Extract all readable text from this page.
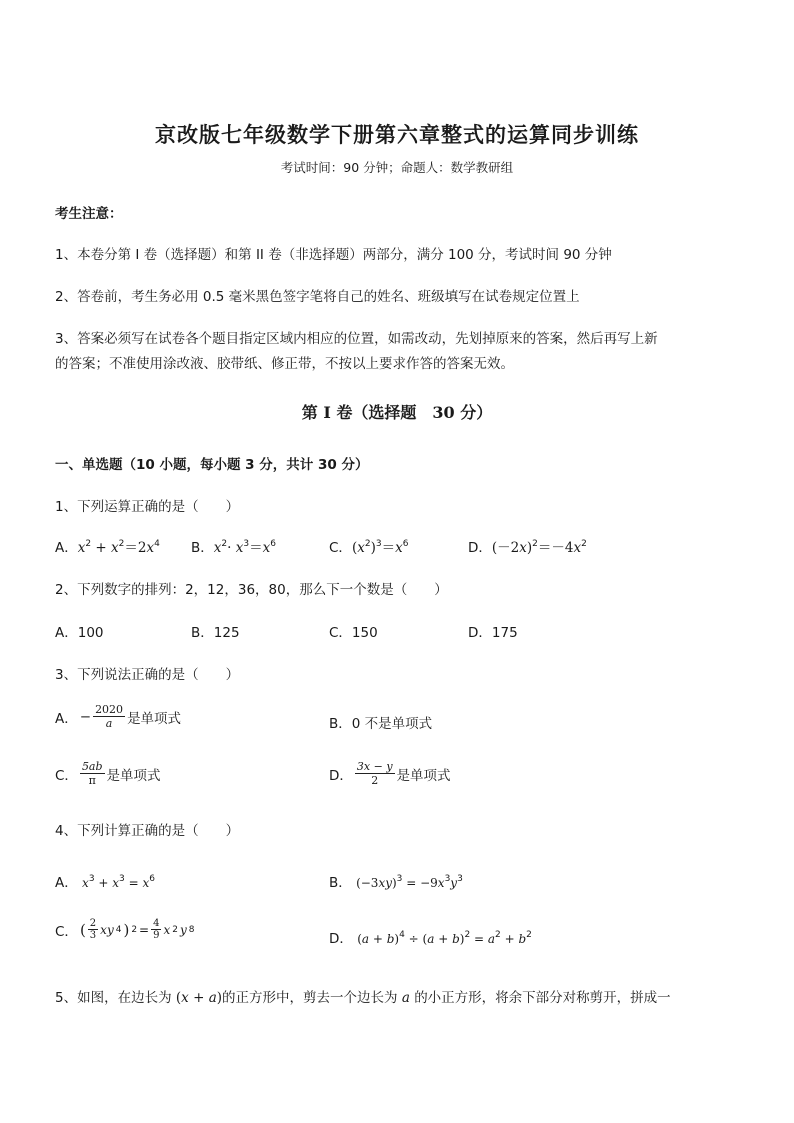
京改版七年级数学下册第六章整式的运算同步训练
考试时间：90 分钟；命题人：数学教研组
考生注意：
1、本卷分第 I 卷（选择题）和第 II 卷（非选择题）两部分，满分 100 分，考试时间 90 分钟
2、答卷前，考生务必用 0.5 毫米黑色签字笔将自己的姓名、班级填写在试卷规定位置上
3、答案必须写在试卷各个题目指定区域内相应的位置，如需改动，先划掉原来的答案，然后再写上新
的答案；不准使用涂改液、胶带纸、修正带，不按以上要求作答的答案无效。
第 I 卷（选择题　30 分）
一、单选题（10 小题，每小题 3 分，共计 30 分）
1、下列运算正确的是（　　）
A．$x^2 + x^2=2x^4$ B．$x^2\cdot x^3=x^6$	C．$(x^2)^3=x^6$	D．$(-2x)^2=-4x^2$
2、下列数字的排列：2，12，36，80，那么下一个数是（　　）
A．100	B．125	C．150	D．175
3、下列说法正确的是（　　）
A． − $\frac{2020}{a}$ 是单项式	B．0 不是单项式
C． $\frac{5ab}{\pi}$ 是单项式	D． $\frac{3x - y}{2}$ 是单项式
4、下列计算正确的是（　　）
A． $x^3 + x^3 = x^6$	B． $(-3xy)^3 = -9x^3y^3$
C． ( $\frac{2}{3}$ xy 4 ) $2 = \frac{4}{9}$ x 2 y 8
D． $(a + b)^4 \div (a + b)^2 = a^2 + b^2$
5、如图，在边长为 (x + a)的正方形中，剪去一个边长为 a 的小正方形，将余下部分对称剪开，拼成一
